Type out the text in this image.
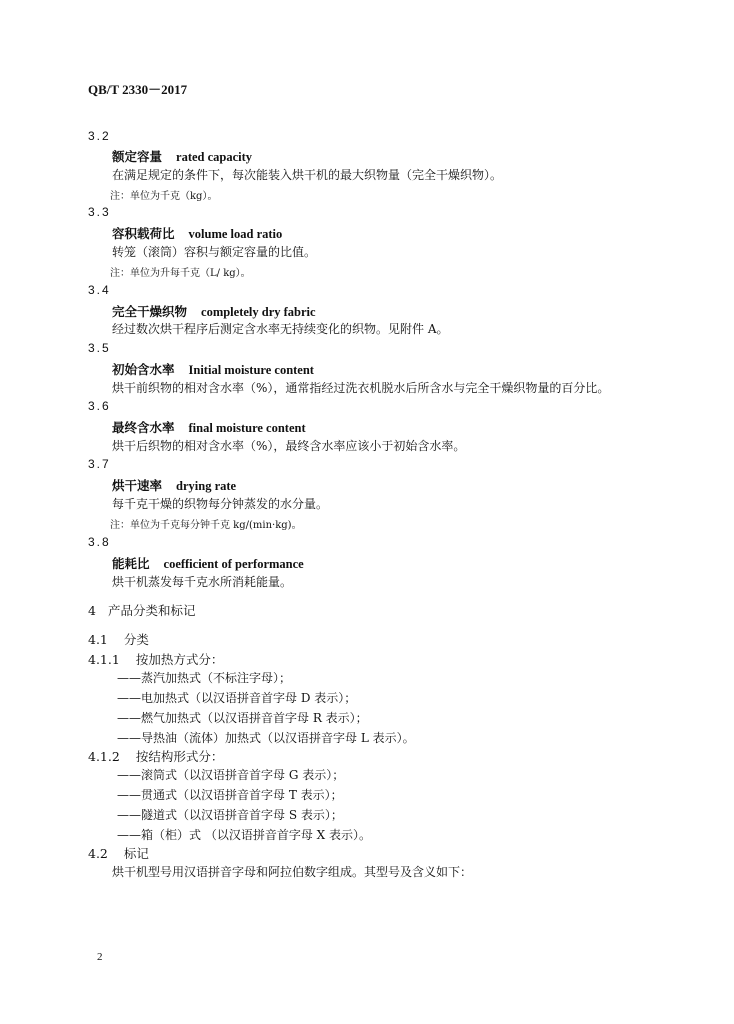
QB/T 2330－2017
3.2
额定容量 rated capacity
在满足规定的条件下，每次能装入烘干机的最大织物量（完全干燥织物）。
注：单位为千克（kg）。
3.3
容积载荷比 volume load ratio
转笼（滚筒）容积与额定容量的比值。
注：单位为升每千克（L/ kg）。
3.4
完全干燥织物 completely dry fabric
经过数次烘干程序后测定含水率无持续变化的织物。见附件 A。
3.5
初始含水率 Initial moisture content
烘干前织物的相对含水率（%），通常指经过洗衣机脱水后所含水与完全干燥织物量的百分比。
3.6
最终含水率 final moisture content
烘干后织物的相对含水率（%），最终含水率应该小于初始含水率。
3.7
烘干速率 drying rate
每千克干燥的织物每分钟蒸发的水分量。
注：单位为千克每分钟千克 kg/(min·kg)。
3.8
能耗比 coefficient of performance
烘干机蒸发每千克水所消耗能量。
4 产品分类和标记
4.1 分类
4.1.1 按加热方式分：
——蒸汽加热式（不标注字母）；
——电加热式（以汉语拼音首字母 D 表示）；
——燃气加热式（以汉语拼音首字母 R 表示）；
——导热油（流体）加热式（以汉语拼音字母 L 表示）。
4.1.2 按结构形式分：
——滚筒式（以汉语拼音首字母 G 表示）；
——贯通式（以汉语拼音首字母 T 表示）；
——隧道式（以汉语拼音首字母 S 表示）；
——箱（柜）式 （以汉语拼音首字母 X 表示）。
4.2 标记
烘干机型号用汉语拼音字母和阿拉伯数字组成。其型号及含义如下：
2
